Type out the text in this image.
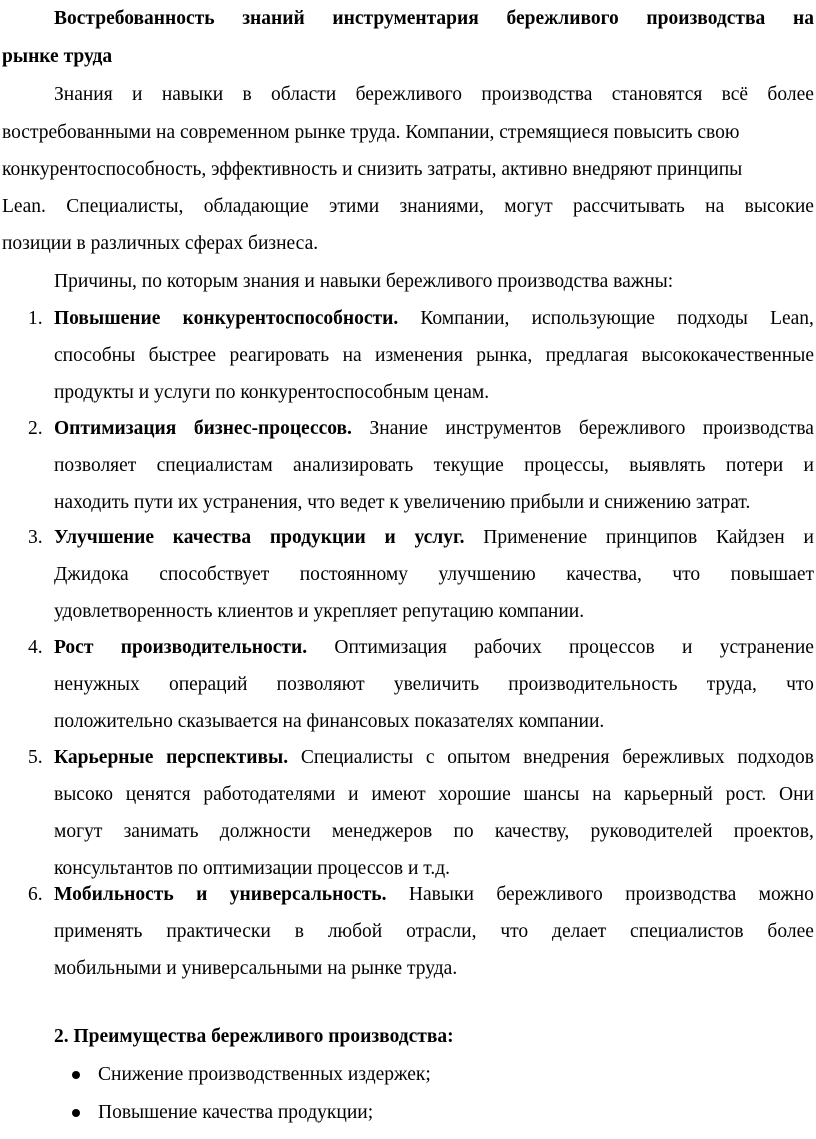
Востребованность знаний инструментария бережливого производства на
рынке труда
Знания и навыки в области бережливого производства становятся всё более
востребованными на современном рынке труда. Компании, стремящиеся повысить свою
конкурентоспособность, эффективность и снизить затраты, активно внедряют принципы
Lean. Специалисты, обладающие этими знаниями, могут рассчитывать на высокие
позиции в различных сферах бизнеса.
Причины, по которым знания и навыки бережливого производства важны:
1. Повышение конкурентоспособности. Компании, использующие подходы Lean,
способны быстрее реагировать на изменения рынка, предлагая высококачественные
продукты и услуги по конкурентоспособным ценам.
2. Оптимизация бизнес-процессов. Знание инструментов бережливого производства
позволяет специалистам анализировать текущие процессы, выявлять потери и
находить пути их устранения, что ведет к увеличению прибыли и снижению затрат.
3. Улучшение качества продукции и услуг. Применение принципов Кайдзен и
Джидока способствует постоянному улучшению качества, что повышает
удовлетворенность клиентов и укрепляет репутацию компании.
4. Рост производительности. Оптимизация рабочих процессов и устранение
ненужных операций позволяют увеличить производительность труда, что
положительно сказывается на финансовых показателях компании.
5. Карьерные перспективы. Специалисты с опытом внедрения бережливых подходов
высоко ценятся работодателями и имеют хорошие шансы на карьерный рост. Они
могут занимать должности менеджеров по качеству, руководителей проектов,
консультантов по оптимизации процессов и т.д.
6. Мобильность и универсальность. Навыки бережливого производства можно
применять практически в любой отрасли, что делает специалистов более
мобильными и универсальными на рынке труда.
2. Преимущества бережливого производства:
Снижение производственных издержек;
Повышение качества продукции;
